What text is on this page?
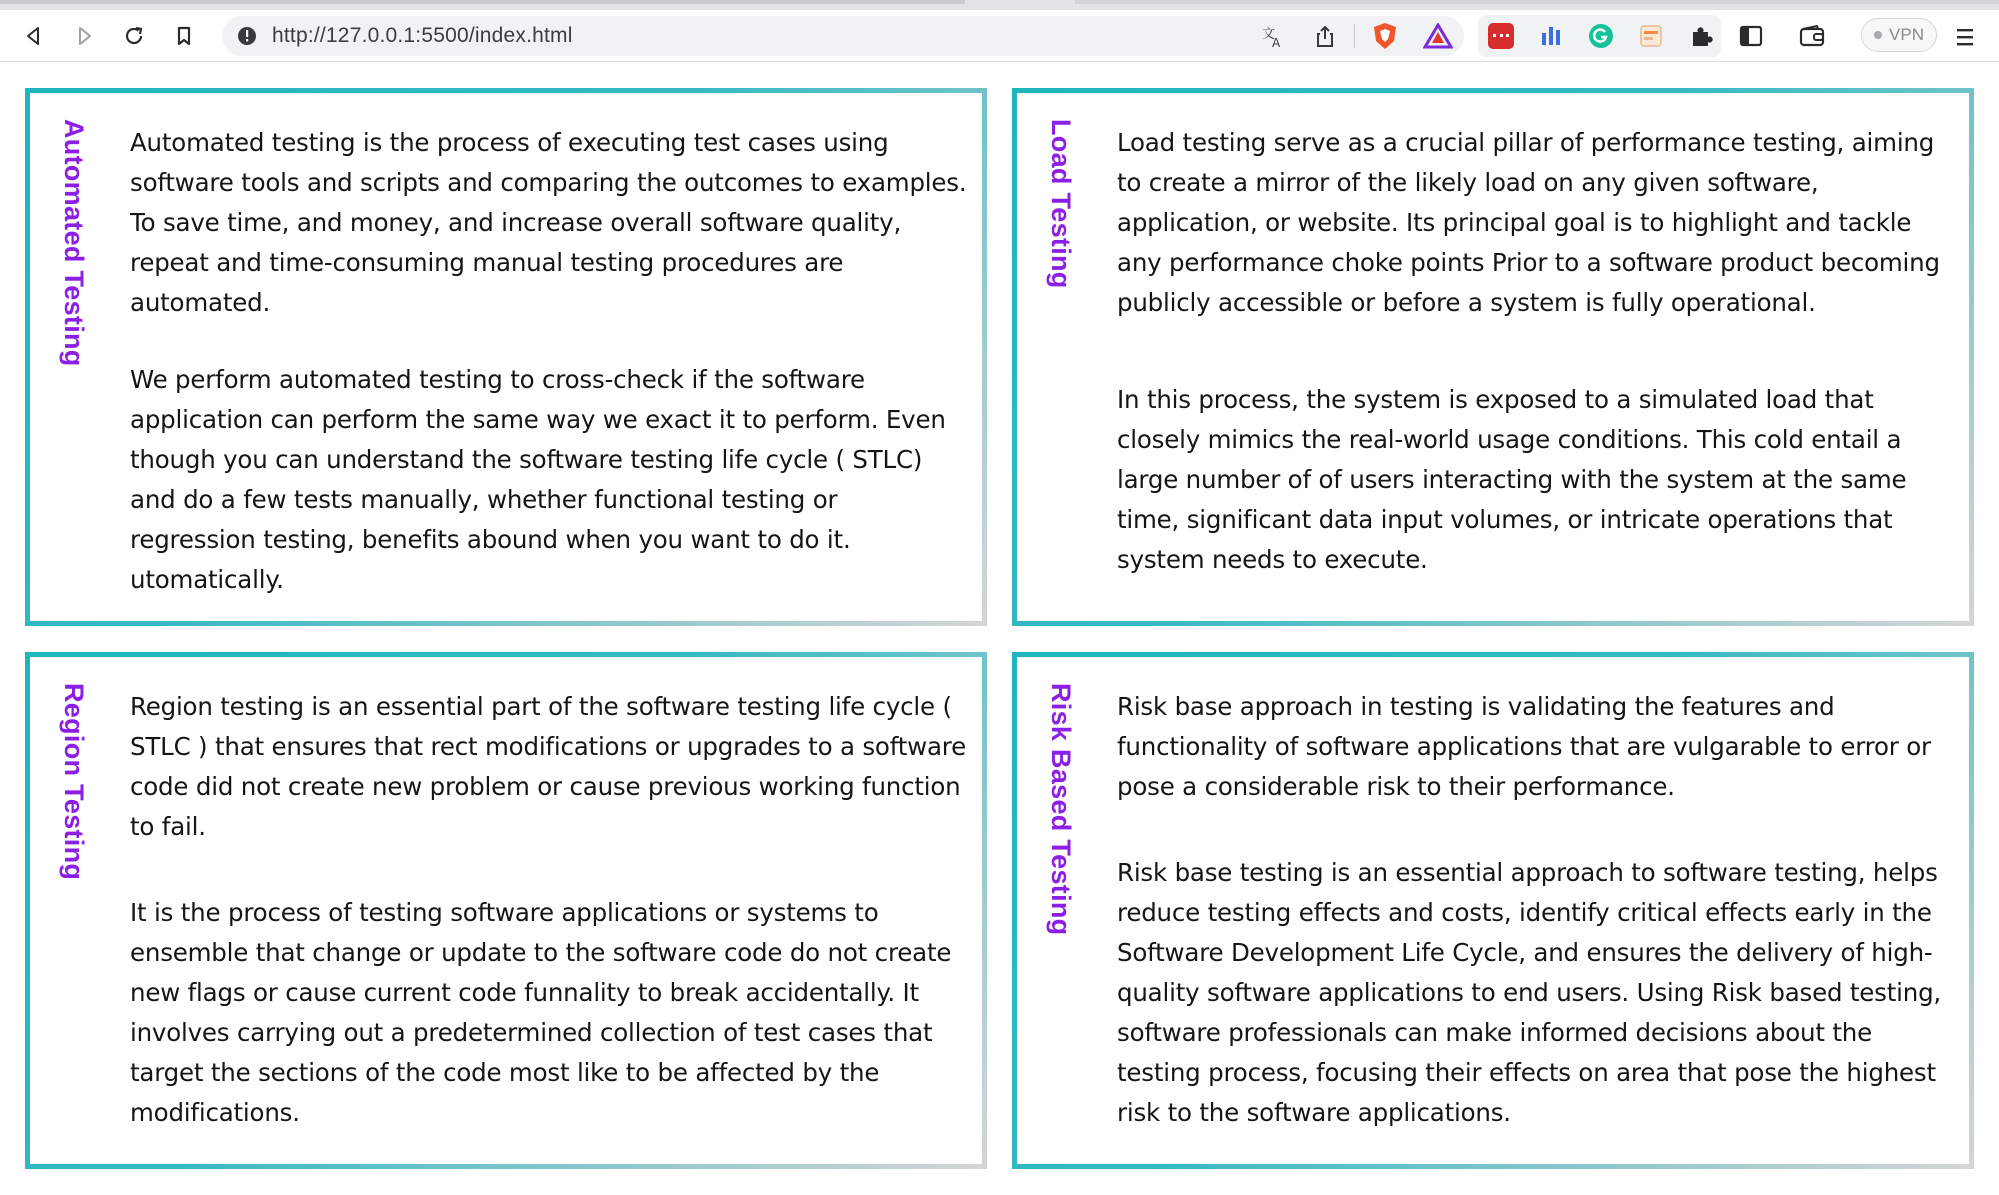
http://127.0.0.1:5500/index.html	文
A	VPN
Automated Testing Automated testing is the process of executing test cases using software tools and scripts and comparing the outcomes to examples. To save time, and money, and increase overall software quality, repeat and time-consuming manual testing procedures are automated.

We perform automated testing to cross-check if the software application can perform the same way we exact it to perform. Even though you can understand the software testing life cycle ( STLC) and do a few tests manually, whether functional testing or regression testing, benefits abound when you want to do it. utomatically.

Load Testing Load testing serve as a crucial pillar of performance testing, aiming to create a mirror of the likely load on any given software, application, or website. Its principal goal is to highlight and tackle any performance choke points Prior to a software product becoming publicly accessible or before a system is fully operational.

In this process, the system is exposed to a simulated load that closely mimics the real-world usage conditions. This cold entail a large number of of users interacting with the system at the same time, significant data input volumes, or intricate operations that system needs to execute.

Region Testing Region testing is an essential part of the software testing life cycle ( STLC ) that ensures that rect modifications or upgrades to a software code did not create new problem or cause previous working function to fail.

It is the process of testing software applications or systems to ensemble that change or update to the software code do not create new flags or cause current code funnality to break accidentally. It involves carrying out a predetermined collection of test cases that target the sections of the code most like to be affected by the modifications.

Risk Based Testing Risk base approach in testing is validating the features and functionality of software applications that are vulgarable to error or pose a considerable risk to their performance.

Risk base testing is an essential approach to software testing, helps reduce testing effects and costs, identify critical effects early in the Software Development Life Cycle, and ensures the delivery of high-quality software applications to end users. Using Risk based testing, software professionals can make informed decisions about the testing process, focusing their effects on area that pose the highest risk to the software applications.
